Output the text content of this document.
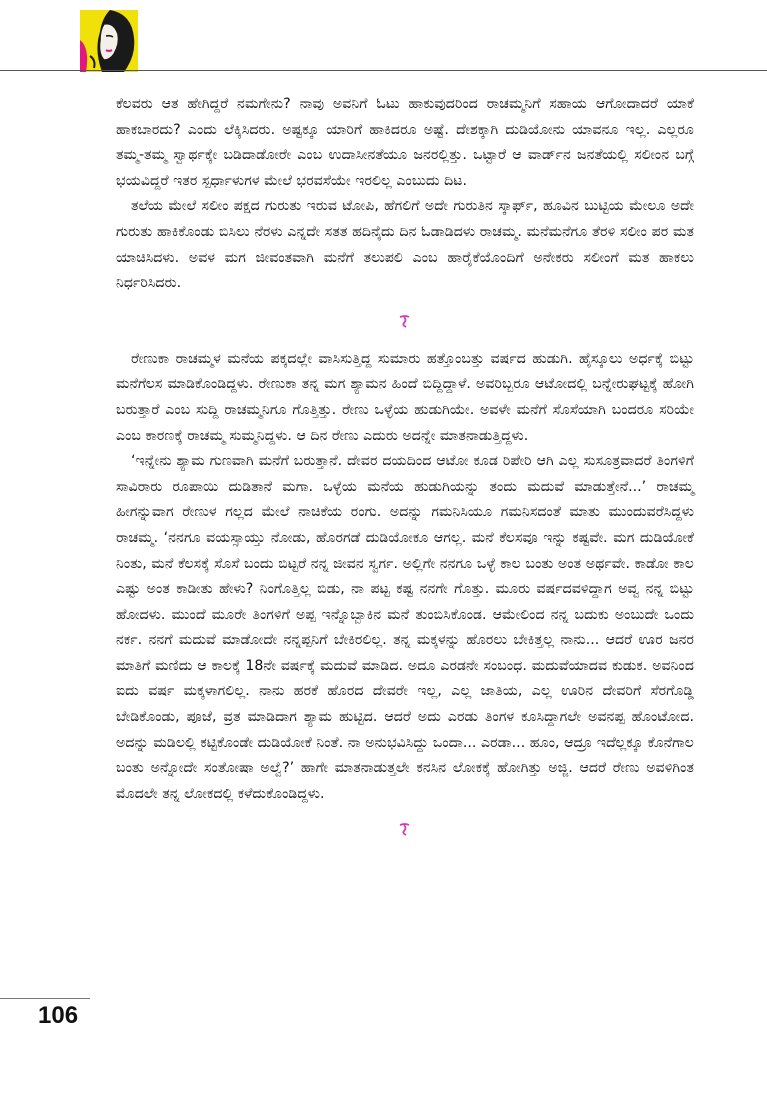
ಕೆಲವರು ಆತ ಹೇಗಿದ್ದರೆ ನಮಗೇನು? ನಾವು ಅವನಿಗೆ ಓಟು ಹಾಕುವುದರಿಂದ ರಾಚಮ್ಮನಿಗೆ ಸಹಾಯ ಆಗೋದಾದರೆ ಯಾಕೆ ಹಾಕಬಾರದು? ಎಂದು ಲೆಕ್ಕಿಸಿದರು. ಅಷ್ಟಕ್ಕೂ ಯಾರಿಗೆ ಹಾಕಿದರೂ ಅಷ್ಟೆ. ದೇಶಕ್ಕಾಗಿ ದುಡಿಯೋನು ಯಾವನೂ ಇಲ್ಲ. ಎಲ್ಲರೂ ತಮ್ಮ-ತಮ್ಮ ಸ್ವಾರ್ಥಕ್ಕೇ ಬಡಿದಾಡೋರೇ ಎಂಬ ಉದಾಸೀನತೆಯೂ ಜನರಲ್ಲಿತ್ತು. ಒಟ್ಟಾರೆ ಆ ವಾರ್ಡ್‌ನ ಜನತೆಯಲ್ಲಿ ಸಲೀಂನ ಬಗ್ಗೆ ಭಯವಿದ್ದರೆ ಇತರ ಸ್ಪರ್ಧಾಳುಗಳ ಮೇಲೆ ಭರವಸೆಯೇ ಇರಲಿಲ್ಲ ಎಂಬುದು ದಿಟ.

ತಲೆಯ ಮೇಲೆ ಸಲೀಂ ಪಕ್ಷದ ಗುರುತು ಇರುವ ಟೋಪಿ, ಹೆಗಲಿಗೆ ಅದೇ ಗುರುತಿನ ಸ್ಕಾರ್ಫ್, ಹೂವಿನ ಬುಟ್ಟಿಯ ಮೇಲೂ ಅದೇ ಗುರುತು ಹಾಕಿಕೊಂಡು ಬಿಸಿಲು ನೆರಳು ಎನ್ನದೇ ಸತತ ಹದಿನೈದು ದಿನ ಓಡಾಡಿದಳು ರಾಚಮ್ಮ. ಮನೆಮನೆಗೂ ತೆರಳಿ ಸಲೀಂ ಪರ ಮತ ಯಾಚಿಸಿದಳು. ಅವಳ ಮಗ ಜೀವಂತವಾಗಿ ಮನೆಗೆ ತಲುಪಲಿ ಎಂಬ ಹಾರೈಕೆಯೊಂದಿಗೆ ಅನೇಕರು ಸಲೀಂಗೆ ಮತ ಹಾಕಲು ನಿರ್ಧರಿಸಿದರು.

ರೇಣುಕಾ ರಾಚಮ್ಮಳ ಮನೆಯ ಪಕ್ಕದಲ್ಲೇ ವಾಸಿಸುತ್ತಿದ್ದ ಸುಮಾರು ಹತ್ತೊಂಬತ್ತು ವರ್ಷದ ಹುಡುಗಿ. ಹೈಸ್ಕೂಲು ಅರ್ಧಕ್ಕೆ ಬಿಟ್ಟು ಮನೆಗೆಲಸ ಮಾಡಿಕೊಂಡಿದ್ದಳು. ರೇಣುಕಾ ತನ್ನ ಮಗ ಶ್ಯಾಮನ ಹಿಂದೆ ಬಿದ್ದಿದ್ದಾಳೆ. ಅವರಿಬ್ಬರೂ ಆಟೋದಲ್ಲಿ ಬನ್ನೇರುಘಟ್ಟಕ್ಕೆ ಹೋಗಿ ಬರುತ್ತಾರೆ ಎಂಬ ಸುದ್ದಿ ರಾಚಮ್ಮನಿಗೂ ಗೊತ್ತಿತ್ತು. ರೇಣು ಒಳ್ಳೆಯ ಹುಡುಗಿಯೇ. ಅವಳೇ ಮನೆಗೆ ಸೊಸೆಯಾಗಿ ಬಂದರೂ ಸರಿಯೇ ಎಂಬ ಕಾರಣಕ್ಕೆ ರಾಚಮ್ಮ ಸುಮ್ಮನಿದ್ದಳು. ಆ ದಿನ ರೇಣು ಎದುರು ಅದನ್ನೇ ಮಾತನಾಡುತ್ತಿದ್ದಳು.

‘ಇನ್ನೇನು ಶ್ಯಾಮ ಗುಣವಾಗಿ ಮನೆಗೆ ಬರುತ್ತಾನೆ. ದೇವರ ದಯದಿಂದ ಆಟೋ ಕೂಡ ರಿಪೇರಿ ಆಗಿ ಎಲ್ಲ ಸುಸೂತ್ರವಾದರೆ ತಿಂಗಳಿಗೆ ಸಾವಿರಾರು ರೂಪಾಯಿ ದುಡಿತಾನೆ ಮಗಾ. ಒಳ್ಳೆಯ ಮನೆಯ ಹುಡುಗಿಯನ್ನು ತಂದು ಮದುವೆ ಮಾಡುತ್ತೇನೆ...’ ರಾಚಮ್ಮ ಹೀಗನ್ನುವಾಗ ರೇಣುಳ ಗಲ್ಲದ ಮೇಲೆ ನಾಚಿಕೆಯ ರಂಗು. ಅದನ್ನು ಗಮನಿಸಿಯೂ ಗಮನಿಸದಂತೆ ಮಾತು ಮುಂದುವರೆಸಿದ್ದಳು ರಾಚಮ್ಮ. ‘ನನಗೂ ವಯಸ್ಸಾಯ್ತು ನೋಡು, ಹೊರಗಡೆ ದುಡಿಯೋಕೂ ಆಗಲ್ಲ. ಮನೆ ಕೆಲಸವೂ ಇನ್ನು ಕಷ್ಟವೇ. ಮಗ ದುಡಿಯೋಕೆ ನಿಂತು, ಮನೆ ಕೆಲಸಕ್ಕೆ ಸೊಸೆ ಬಂದು ಬಿಟ್ಟರೆ ನನ್ನ ಜೀವನ ಸ್ವರ್ಗ. ಅಲ್ಲಿಗೇ ನನಗೂ ಒಳ್ಳೆ ಕಾಲ ಬಂತು ಅಂತ ಅರ್ಥವೇ. ಕಾಡೋ ಕಾಲ ಎಷ್ಟು ಅಂತ ಕಾಡೀತು ಹೇಳು? ನಿಂಗೊತ್ತಿಲ್ಲ ಬಿಡು, ನಾ ಪಟ್ಟ ಕಷ್ಟ ನನಗೇ ಗೊತ್ತು. ಮೂರು ವರ್ಷದವಳಿದ್ದಾಗ ಅವ್ವ ನನ್ನ ಬಿಟ್ಟು ಹೋದಳು. ಮುಂದೆ ಮೂರೇ ತಿಂಗಳಿಗೆ ಅಪ್ಪ ಇನ್ನೊಬ್ಬಾಕಿನ ಮನೆ ತುಂಬಿಸಿಕೊಂಡ. ಆಮೇಲಿಂದ ನನ್ನ ಬದುಕು ಅಂಬುದೇ ಒಂದು ನರ್ಕ. ನನಗೆ ಮದುವೆ ಮಾಡೋದೇ ನನ್ನಪ್ಪನಿಗೆ ಬೇಕಿರಲಿಲ್ಲ. ತನ್ನ ಮಕ್ಕಳನ್ನು ಹೊರಲು ಬೇಕಿತ್ತಲ್ಲ ನಾನು... ಆದರೆ ಊರ ಜನರ ಮಾತಿಗೆ ಮಣಿದು ಆ ಕಾಲಕ್ಕೆ 18ನೇ ವರ್ಷಕ್ಕೆ ಮದುವೆ ಮಾಡಿದ. ಅದೂ ಎರಡನೇ ಸಂಬಂಧ. ಮದುವೆಯಾದವ ಕುಡುಕ. ಅವನಿಂದ ಐದು ವರ್ಷ ಮಕ್ಕಳಾಗಲಿಲ್ಲ. ನಾನು ಹರಕೆ ಹೊರದ ದೇವರೇ ಇಲ್ಲ, ಎಲ್ಲ ಜಾತಿಯ, ಎಲ್ಲ ಊರಿನ ದೇವರಿಗೆ ಸೆರಗೊಡ್ಡಿ ಬೇಡಿಕೊಂಡು, ಪೂಜೆ, ವ್ರತ ಮಾಡಿದಾಗ ಶ್ಯಾಮ ಹುಟ್ಟಿದ. ಆದರೆ ಅದು ಎರಡು ತಿಂಗಳ ಕೂಸಿದ್ದಾಗಲೇ ಅವನಪ್ಪ ಹೊಂಟೋದ. ಅದನ್ನು ಮಡಿಲಲ್ಲಿ ಕಟ್ಟಿಕೊಂಡೇ ದುಡಿಯೋಕೆ ನಿಂತೆ. ನಾ ಅನುಭವಿಸಿದ್ದು ಒಂದಾ... ಎರಡಾ... ಹೂಂ, ಆದ್ರೂ ಇದೆಲ್ಲಕ್ಕೂ ಕೊನೆಗಾಲ ಬಂತು ಅನ್ನೋದೇ ಸಂತೋಷಾ ಅಲ್ವೆ?’ ಹಾಗೇ ಮಾತನಾಡುತ್ತಲೇ ಕನಸಿನ ಲೋಕಕ್ಕೆ ಹೋಗಿತ್ತು ಅಜ್ಜಿ. ಆದರೆ ರೇಣು ಅವಳಿಗಿಂತ ಮೊದಲೇ ತನ್ನ ಲೋಕದಲ್ಲಿ ಕಳೆದುಕೊಂಡಿದ್ದಳು.

106
